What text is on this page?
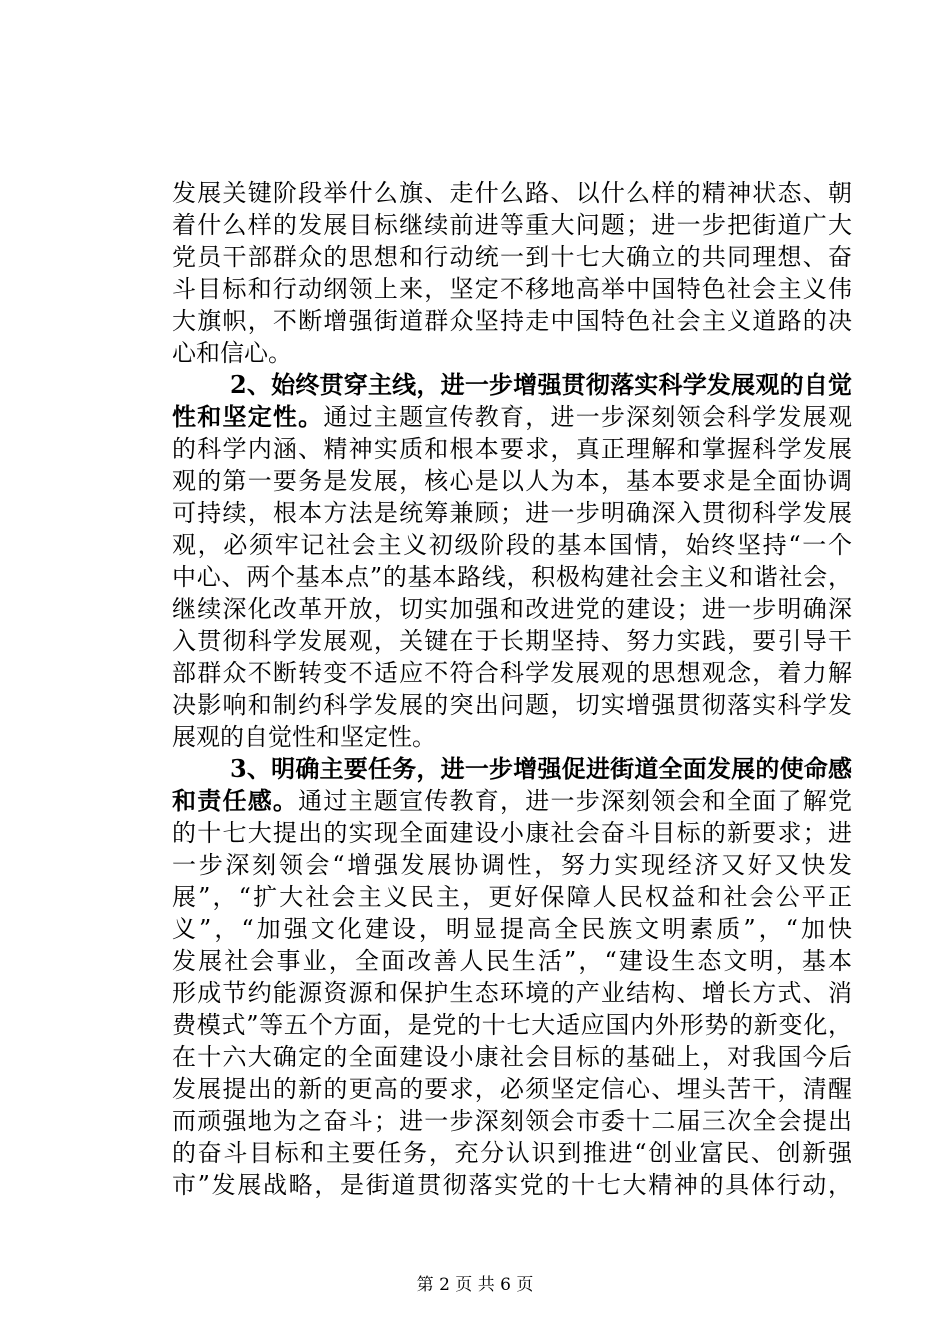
发展关键阶段举什么旗、走什么路、以什么样的精神状态、朝
着什么样的发展目标继续前进等重大问题；进一步把街道广大
党员干部群众的思想和行动统一到十七大确立的共同理想、奋
斗目标和行动纲领上来，坚定不移地高举中国特色社会主义伟
大旗帜，不断增强街道群众坚持走中国特色社会主义道路的决
心和信心。
2、始终贯穿主线，进一步增强贯彻落实科学发展观的自觉
性和坚定性。通过主题宣传教育，进一步深刻领会科学发展观
的科学内涵、精神实质和根本要求，真正理解和掌握科学发展
观的第一要务是发展，核心是以人为本，基本要求是全面协调
可持续，根本方法是统筹兼顾；进一步明确深入贯彻科学发展
观，必须牢记社会主义初级阶段的基本国情，始终坚持“一个
中心、两个基本点”的基本路线，积极构建社会主义和谐社会，
继续深化改革开放，切实加强和改进党的建设；进一步明确深
入贯彻科学发展观，关键在于长期坚持、努力实践，要引导干
部群众不断转变不适应不符合科学发展观的思想观念，着力解
决影响和制约科学发展的突出问题，切实增强贯彻落实科学发
展观的自觉性和坚定性。
3、明确主要任务，进一步增强促进街道全面发展的使命感
和责任感。通过主题宣传教育，进一步深刻领会和全面了解党
的十七大提出的实现全面建设小康社会奋斗目标的新要求；进
一步深刻领会“增强发展协调性，努力实现经济又好又快发
展”，“扩大社会主义民主，更好保障人民权益和社会公平正
义”，“加强文化建设，明显提高全民族文明素质”，“加快
发展社会事业，全面改善人民生活”，“建设生态文明，基本
形成节约能源资源和保护生态环境的产业结构、增长方式、消
费模式”等五个方面，是党的十七大适应国内外形势的新变化，
在十六大确定的全面建设小康社会目标的基础上，对我国今后
发展提出的新的更高的要求，必须坚定信心、埋头苦干，清醒
而顽强地为之奋斗；进一步深刻领会市委十二届三次全会提出
的奋斗目标和主要任务，充分认识到推进“创业富民、创新强
市”发展战略，是街道贯彻落实党的十七大精神的具体行动，
第 2 页 共 6 页
